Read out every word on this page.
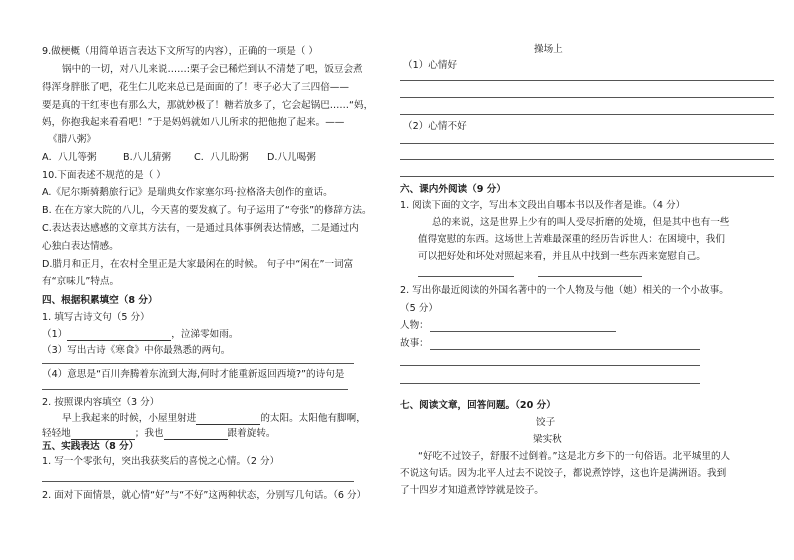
9.做梗概（用简单语言表达下文所写的内容），正确的一项是（ ）
锅中的一切，对八儿来说……:栗子会已稀烂到认不清楚了吧，饭豆会煮
得浑身胖胀了吧，花生仁儿吃来总已是面面的了！枣子必大了三四倍——
要是真的干红枣也有那么大，那就妙极了！糖若放多了，它会起锅巴……“妈，
妈，你抱我起来看看吧！”于是妈妈就如八儿所求的把他抱了起来。——
《腊八粥》
A．八儿等粥	B.八儿猜粥 C．八儿盼粥 D.八儿喝粥
10.下面表述不规范的是（ ）
A.《尼尔斯骑鹅旅行记》是瑞典女作家塞尔玛·拉格洛夫创作的童话。
B. 在在方家大院的八儿，今天喜的要发疯了。句子运用了“夸张”的修辞方法。
C.表达表达感感的文章其方法有，一是通过具体事例表达情感，二是通过内
心独白表达情感。
D.腊月和正月，在农村全里正是大家最闲在的时候。 句子中“闲在”一词富
有“京味儿”特点。
四、根据积累填空（8 分）
1. 填写古诗文句（5 分）
（1）	，泣涕零如雨。
（3）写出古诗《寒食》中你最熟悉的两句。
（4）意思是“百川奔腾着东流到大海,何时才能重新返回西境?”的诗句是
2. 按照课内容填空（3 分）
早上我起来的时候，小屋里射进	的太阳。太阳他有脚啊，
轻轻地	；我也	跟着旋转。
五、实践表达（8 分）
1. 写一个零张句，突出我获奖后的喜悦之心情。（2 分）
2. 面对下面情景，就心情“好”与“不好”这两种状态，分别写几句话。（6 分）
操场上
（1）心情好
（2）心情不好
六、课内外阅读（9 分）
1. 阅读下面的文字，写出本文段出自哪本书以及作者是谁。（4 分）
总的来说，这是世界上少有的叫人受尽折磨的处境，但是其中也有一些
值得宽慰的东西。这场世上苦难最深重的经历告诉世人：在困境中，我们
可以把好处和坏处对照起来看，并且从中找到一些东西来宽慰自己。
2. 写出你最近阅读的外国名著中的一个人物及与他（她）相关的一个小故事。
（5 分）
人物：
故事：
七、阅读文章，回答问题。（20 分）
饺子
梁实秋
“好吃不过饺子，舒服不过倒着。”这是北方乡下的一句俗语。北平城里的人
不说这句话。因为北平人过去不说饺子，都说煮饽饽，这也许是满洲语。我到
了十四岁才知道煮饽饽就是饺子。
